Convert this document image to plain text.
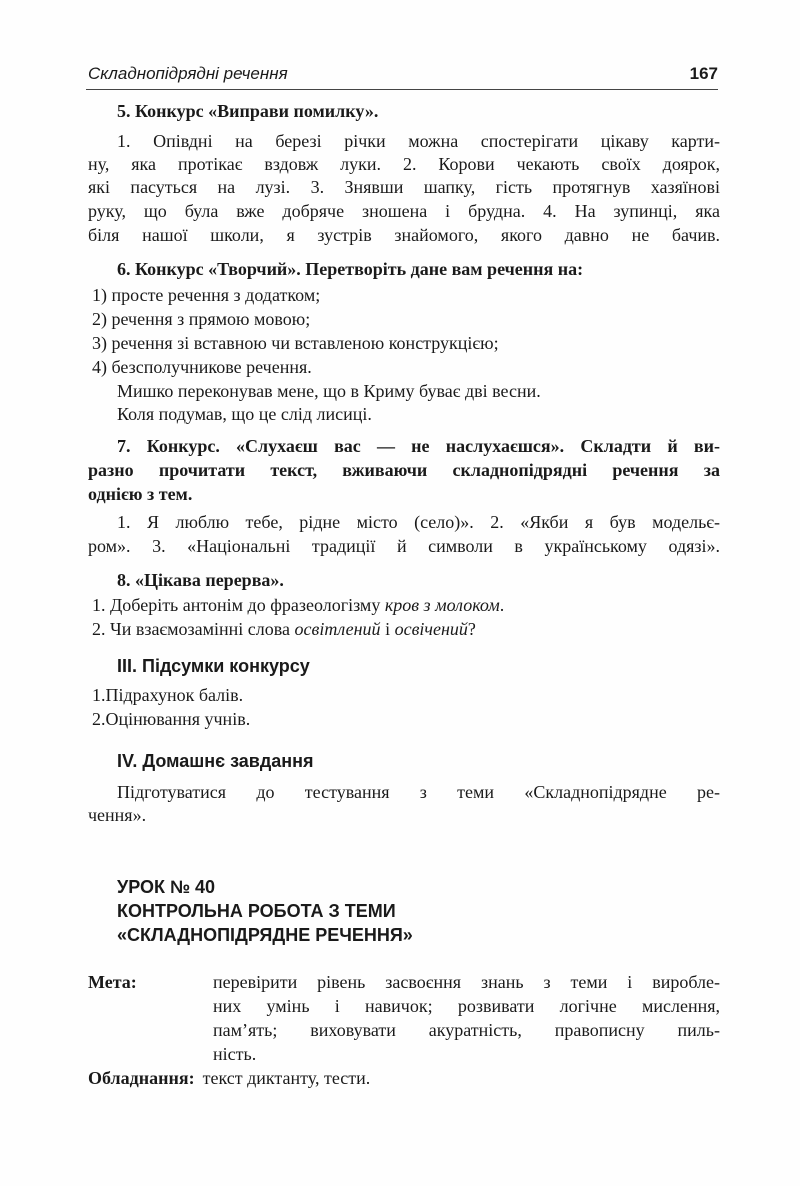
Складнопідрядні речення	167
5. Конкурс «Виправи помилку».
1. Опівдні на березі річки можна спостерігати цікаву карти-
ну, яка протікає вздовж луки. 2. Корови чекають своїх доярок,
які пасуться на лузі. 3. Знявши шапку, гість протягнув хазяїнові
руку, що була вже добряче зношена і брудна. 4. На зупинці, яка
біля нашої школи, я зустрів знайомого, якого давно не бачив.
6. Конкурс «Творчий». Перетворіть дане вам речення на:
1) просте речення з додатком;
2) речення з прямою мовою;
3) речення зі вставною чи вставленою конструкцією;
4) безсполучникове речення.
Мишко переконував мене, що в Криму буває дві весни.
Коля подумав, що це слід лисиці.
7. Конкурс. «Слухаєш вас — не наслухаєшся». Складти й ви-
разно прочитати текст, вживаючи складнопідрядні речення за
однією з тем.
1. Я люблю тебе, рідне місто (село)». 2. «Якби я був модельє-
ром». 3. «Національні традиції й символи в українському одязі».
8. «Цікава перерва».
1. Доберіть антонім до фразеологізму кров з молоком.
2. Чи взаємозамінні слова освітлений і освічений?
III. Підсумки конкурсу
1.Підрахунок балів.
2.Оцінювання учнів.
IV. Домашнє завдання
Підготуватися до тестування з теми «Складнопідрядне ре-
чення».
УРОК № 40
КОНТРОЛЬНА РОБОТА З ТЕМИ
«СКЛАДНОПІДРЯДНЕ РЕЧЕННЯ»
Мета:	перевірити рівень засвоєння знань з теми і виробле-
них умінь і навичок; розвивати логічне мислення,
пам’ять; виховувати акуратність, правописну пиль-
ність.
Обладнання: текст диктанту, тести.
